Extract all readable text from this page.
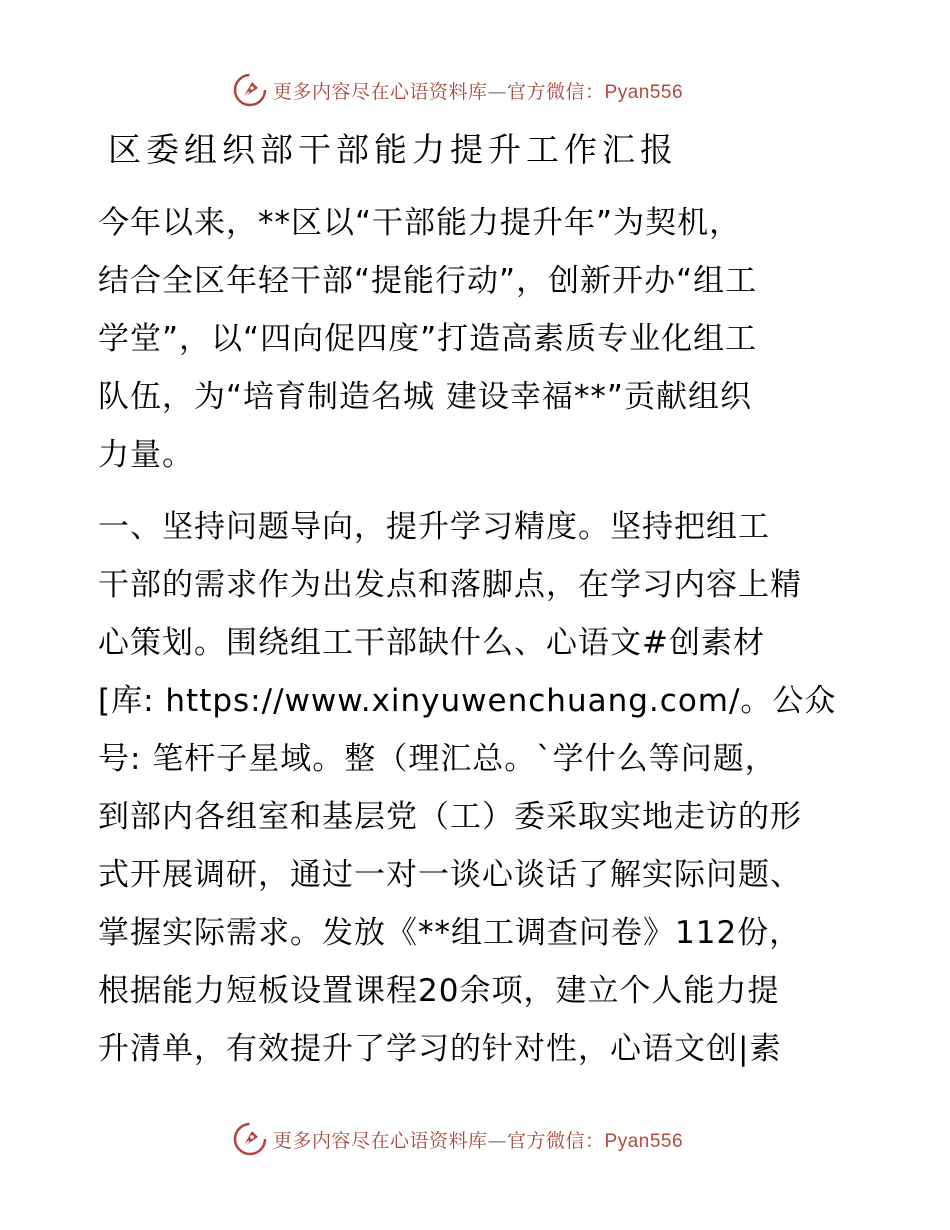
更多内容尽在心语资料库—官方微信：Pyan556
区委组织部干部能力提升工作汇报

今年以来，**区以“干部能力提升年”为契机，
结合全区年轻干部“提能行动”，创新开办“组工
学堂”，以“四向促四度”打造高素质专业化组工
队伍，为“培育制造名城 建设幸福**”贡献组织
力量。

一、坚持问题导向，提升学习精度。坚持把组工
干部的需求作为出发点和落脚点，在学习内容上精
心策划。围绕组工干部缺什么、心语文#创素材
[库: https://www.xinyuwenchuang.com/。公众
号: 笔杆子星域。整（理汇总。`学什么等问题，
到部内各组室和基层党（工）委采取实地走访的形
式开展调研，通过一对一谈心谈话了解实际问题、
掌握实际需求。发放《**组工调查问卷》112份，
根据能力短板设置课程20余项，建立个人能力提
升清单，有效提升了学习的针对性，心语文创|素

更多内容尽在心语资料库—官方微信：Pyan556
